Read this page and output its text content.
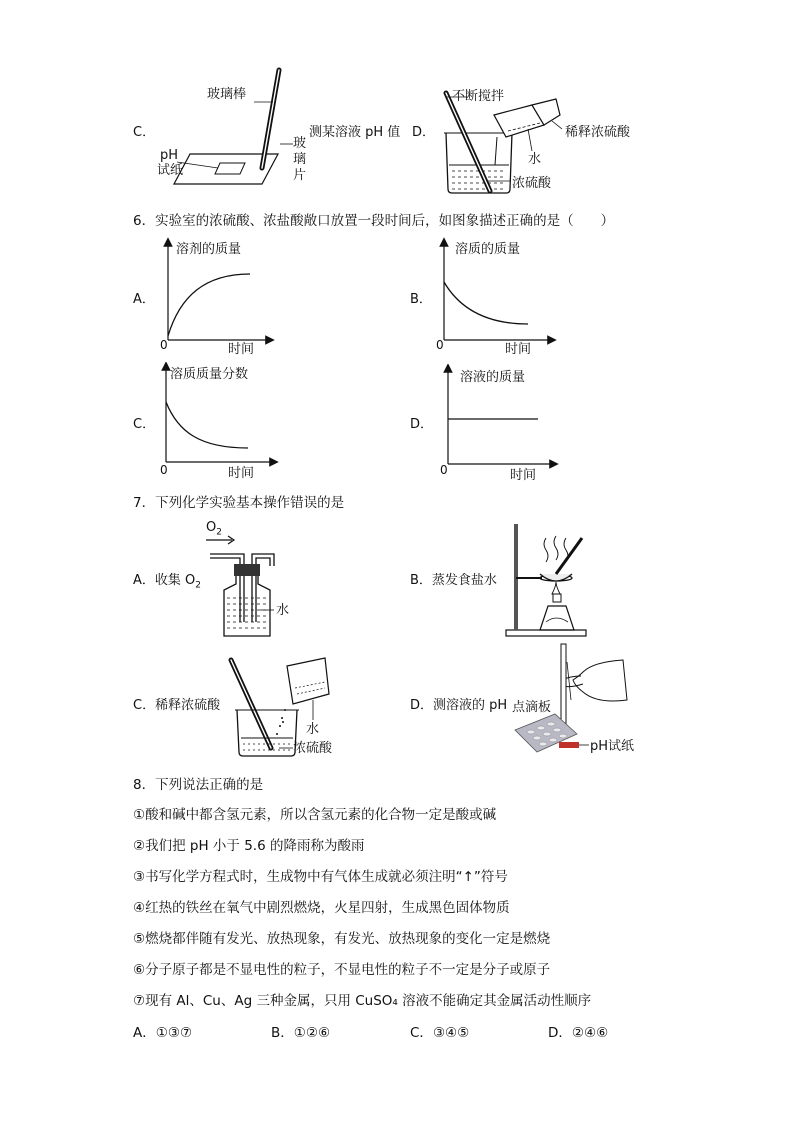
C．
玻璃棒
pH
试纸
玻
璃
片
测某溶液 pH 值 D．
不断搅拌
稀释浓硫酸
水
浓硫酸
6．实验室的浓硫酸、浓盐酸敞口放置一段时间后，如图象描述正确的是（　　）
A．
溶剂的质量
0	时间
B．
溶质的质量
0	时间
C．
溶质质量分数
0	时间
D．
溶液的质量
0	时间
7．下列化学实验基本操作错误的是
A．收集 $O_2$
$O_2$
水
B．蒸发食盐水
C．稀释浓硫酸
水
浓硫酸
D．测溶液的 pH 点滴板
pH试纸
8．下列说法正确的是
①酸和碱中都含氢元素，所以含氢元素的化合物一定是酸或碱
②我们把 pH 小于 5.6 的降雨称为酸雨
③书写化学方程式时，生成物中有气体生成就必须注明“↑”符号
④红热的铁丝在氧气中剧烈燃烧，火星四射，生成黑色固体物质
⑤燃烧都伴随有发光、放热现象，有发光、放热现象的变化一定是燃烧
⑥分子原子都是不显电性的粒子，不显电性的粒子不一定是分子或原子
⑦现有 Al、Cu、Ag 三种金属，只用 CuSO₄ 溶液不能确定其金属活动性顺序
A．①③⑦	B．①②⑥	C．③④⑤	D．②④⑥
